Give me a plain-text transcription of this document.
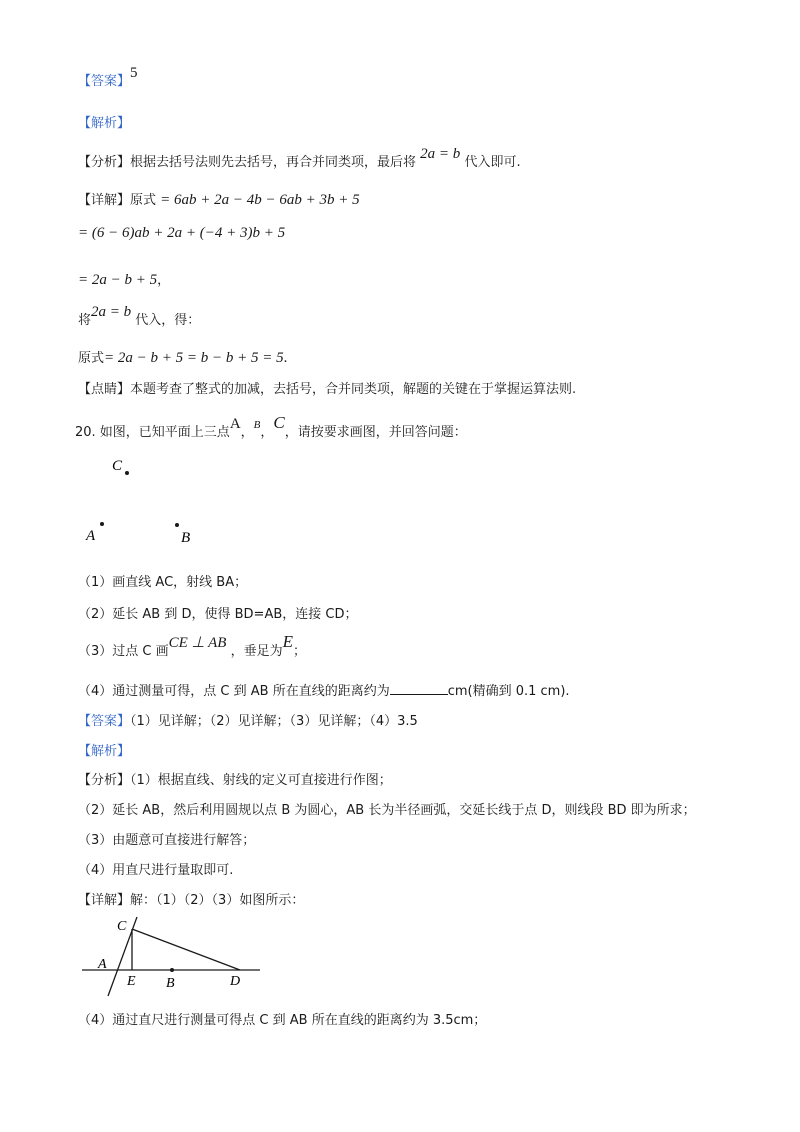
【答案】5
【解析】
【分析】根据去括号法则先去括号，再合并同类项，最后将 2a = b 代入即可.
【详解】原式 = 6ab + 2a − 4b − 6ab + 3b + 5
= (6 − 6)ab + 2a + (−4 + 3)b + 5
= 2a − b + 5，
将2a = b 代入，得：
原式= 2a − b + 5 = b − b + 5 = 5.
【点睛】本题考查了整式的加减，去括号，合并同类项，解题的关键在于掌握运算法则.
20. 如图，已知平面上三点A，$^B$，C，请按要求画图，并回答问题：
C
A	B
（1）画直线 AC，射线 BA；
（2）延长 AB 到 D，使得 BD=AB，连接 CD；
（3）过点 C 画CE ⊥ AB ，垂足为E；
（4）通过测量可得，点 C 到 AB 所在直线的距离约为	cm(精确到 0.1 cm).
【答案】（1）见详解；（2）见详解；（3）见详解；（4）3.5
【解析】
【分析】（1）根据直线、射线的定义可直接进行作图；
（2）延长 AB，然后利用圆规以点 B 为圆心，AB 长为半径画弧，交延长线于点 D，则线段 BD 即为所求；
（3）由题意可直接进行解答；
（4）用直尺进行量取即可.
【详解】解：（1）（2）（3）如图所示：
C
A
E B	D
（4）通过直尺进行测量可得点 C 到 AB 所在直线的距离约为 3.5cm；
